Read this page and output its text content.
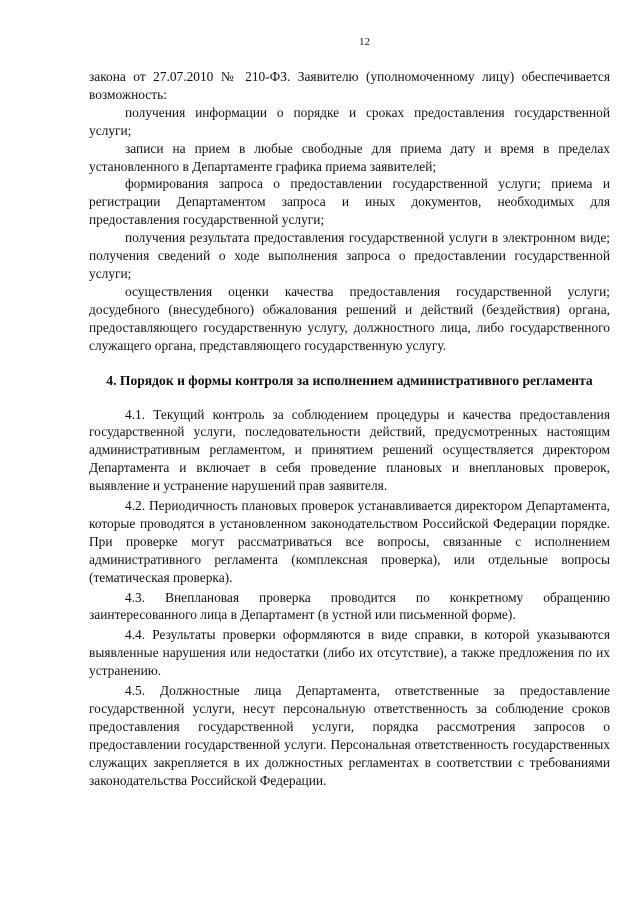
12

закона от 27.07.2010 № 210-ФЗ. Заявителю (уполномоченному лицу) обеспечивается возможность:

получения информации о порядке и сроках предоставления государственной услуги;

записи на прием в любые свободные для приема дату и время в пределах установленного в Департаменте графика приема заявителей;

формирования запроса о предоставлении государственной услуги; приема и регистрации Департаментом запроса и иных документов, необходимых для предоставления государственной услуги;

получения результата предоставления государственной услуги в электронном виде; получения сведений о ходе выполнения запроса о предоставлении государственной услуги;

осуществления оценки качества предоставления государственной услуги; досудебного (внесудебного) обжалования решений и действий (бездействия) органа, предоставляющего государственную услугу, должностного лица, либо государственного служащего органа, представляющего государственную услугу.

4. Порядок и формы контроля за исполнением административного регламента

4.1. Текущий контроль за соблюдением процедуры и качества предоставления государственной услуги, последовательности действий, предусмотренных настоящим административным регламентом, и принятием решений осуществляется директором Департамента и включает в себя проведение плановых и внеплановых проверок, выявление и устранение нарушений прав заявителя.

4.2. Периодичность плановых проверок устанавливается директором Департамента, которые проводятся в установленном законодательством Российской Федерации порядке. При проверке могут рассматриваться все вопросы, связанные с исполнением административного регламента (комплексная проверка), или отдельные вопросы (тематическая проверка).

4.3. Внеплановая проверка проводится по конкретному обращению заинтересованного лица в Департамент (в устной или письменной форме).

4.4. Результаты проверки оформляются в виде справки, в которой указываются выявленные нарушения или недостатки (либо их отсутствие), а также предложения по их устранению.

4.5. Должностные лица Департамента, ответственные за предоставление государственной услуги, несут персональную ответственность за соблюдение сроков предоставления государственной услуги, порядка рассмотрения запросов о предоставлении государственной услуги. Персональная ответственность государственных служащих закрепляется в их должностных регламентах в соответствии с требованиями законодательства Российской Федерации.
